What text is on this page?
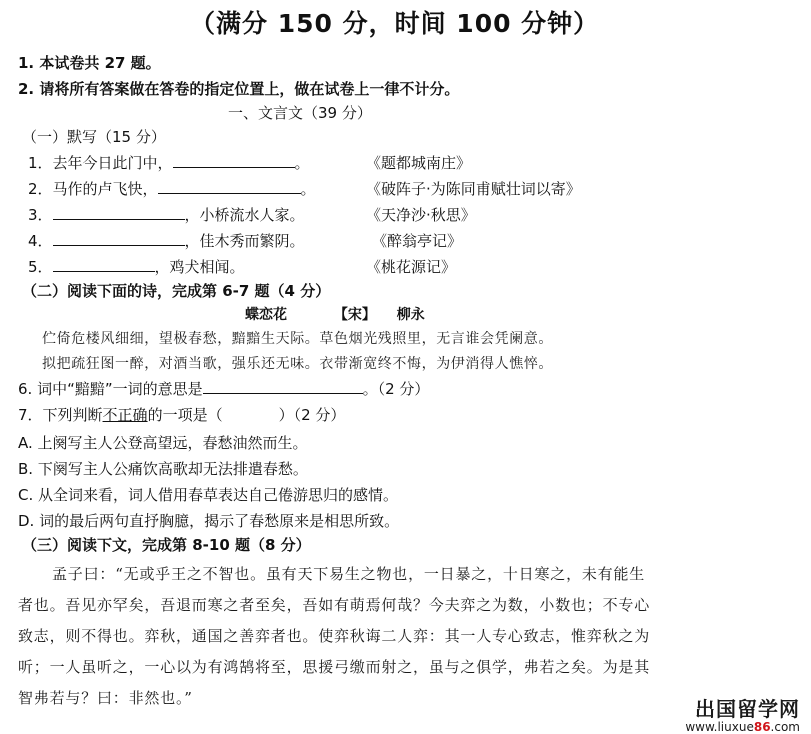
（满分 150 分，时间 100 分钟）
1. 本试卷共 27 题。
2. 请将所有答案做在答卷的指定位置上，做在试卷上一律不计分。
一、文言文（39 分）
（一）默写（15 分）
1．去年今日此门中，	。	《题都城南庄》
2．马作的卢飞快，	。	《破阵子·为陈同甫赋壮词以寄》
3．	，小桥流水人家。	《天净沙·秋思》
4．	，佳木秀而繁阴。	《醉翁亭记》
5．	，鸡犬相闻。	《桃花源记》
（二）阅读下面的诗，完成第 6-7 题（4 分）
蝶恋花	【宋】 柳永
伫倚危楼风细细，望极春愁，黯黯生天际。草色烟光残照里，无言谁会凭阑意。
拟把疏狂图一醉，对酒当歌，强乐还无味。衣带渐宽终不悔，为伊消得人憔悴。
6. 词中“黯黯”一词的意思是	。（2 分）
7．下列判断不正确的一项是（	）（2 分）
A. 上阕写主人公登高望远，春愁油然而生。
B. 下阕写主人公痛饮高歌却无法排遣春愁。
C. 从全词来看，词人借用春草表达自己倦游思归的感情。
D. 词的最后两句直抒胸臆，揭示了春愁原来是相思所致。
（三）阅读下文，完成第 8-10 题（8 分）
孟子曰：“无或乎王之不智也。虽有天下易生之物也，一日暴之，十日寒之，未有能生
者也。吾见亦罕矣，吾退而寒之者至矣，吾如有萌焉何哉？今夫弈之为数，小数也；不专心
致志，则不得也。弈秋，通国之善弈者也。使弈秋诲二人弈：其一人专心致志，惟弈秋之为
听；一人虽听之，一心以为有鸿鹄将至，思援弓缴而射之，虽与之俱学，弗若之矣。为是其
智弗若与？曰：非然也。”	出国留学网
www.liuxue86.com
